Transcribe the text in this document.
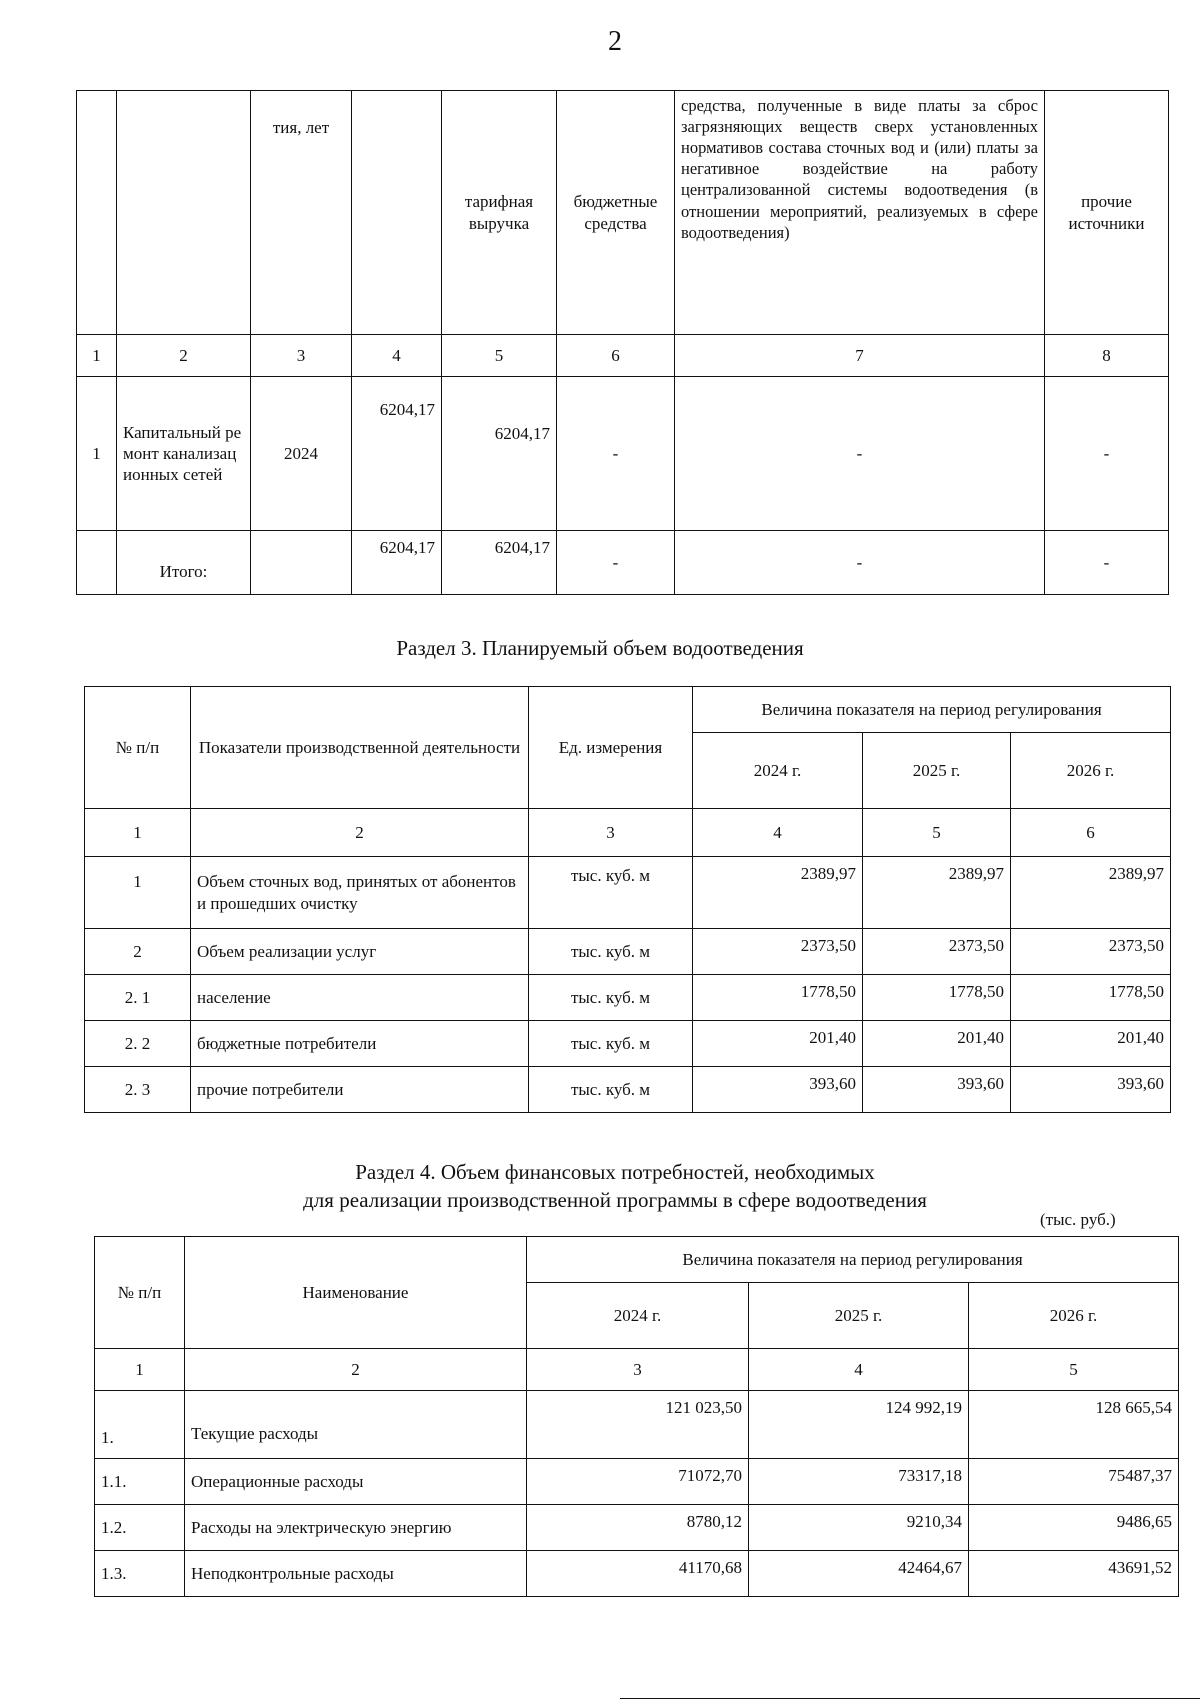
2
		тия, лет		тарифная выручка	бюджетные средства	средства, полученные в виде платы за сброс загрязняющих веществ сверх установленных нормативов состава сточных вод и (или) платы за негативное воздействие на работу централизованной системы водоотведения (в отношении мероприятий, реализуемых в сфере водоотведения)	прочие источники
1	2	3	4	5	6	7	8
1	Капитальный ремонт канализационных сетей	2024	6204,17	6204,17	-	-	-
	Итого:		6204,17	6204,17	-	-	-
Раздел 3. Планируемый объем водоотведения
№ п/п	Показатели производственной деятельности	Ед. измерения	Величина показателя на период регулирования		
			2024 г.	2025 г.	2026 г.
1	2	3	4	5	6
1	Объем сточных вод, принятых от абонентов и прошедших очистку	тыс. куб. м	2389,97	2389,97	2389,97
2	Объем реализации услуг	тыс. куб. м	2373,50	2373,50	2373,50
2. 1	население	тыс. куб. м	1778,50	1778,50	1778,50
2. 2	бюджетные потребители	тыс. куб. м	201,40	201,40	201,40
2. 3	прочие потребители	тыс. куб. м	393,60	393,60	393,60
Раздел 4. Объем финансовых потребностей, необходимых
для реализации производственной программы в сфере водоотведения
(тыс. руб.)
№ п/п	Наименование	Величина показателя на период регулирования		
		2024 г.	2025 г.	2026 г.
1	2	3	4	5
1.	Текущие расходы	121 023,50	124 992,19	128 665,54
1.1.	Операционные расходы	71072,70	73317,18	75487,37
1.2.	Расходы на электрическую энергию	8780,12	9210,34	9486,65
1.3.	Неподконтрольные расходы	41170,68	42464,67	43691,52
